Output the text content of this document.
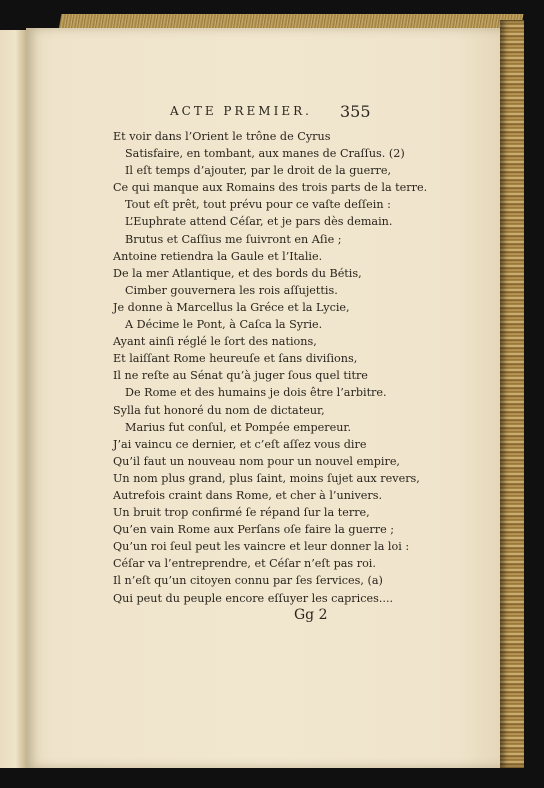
ACTE PREMIER. 355
Et voir dans l’Orient le trône de Cyrus
Satisfaire, en tombant, aux manes de Craſſus. (2)
Il eſt temps d’ajouter, par le droit de la guerre,
Ce qui manque aux Romains des trois parts de la terre.
Tout eſt prêt, tout prévu pour ce vaſte deſſein :
L’Euphrate attend Céſar, et je pars dès demain.
Brutus et Caſſius me ſuivront en Aſie ;
Antoine retiendra la Gaule et l’Italie.
De la mer Atlantique, et des bords du Bétis,
Cimber gouvernera les rois aſſujettis.
Je donne à Marcellus la Gréce et la Lycie,
A Décime le Pont, à Caſca la Syrie.
Ayant ainſi réglé le ſort des nations,
Et laiſſant Rome heureuſe et ſans diviſions,
Il ne reſte au Sénat qu’à juger ſous quel titre
De Rome et des humains je dois être l’arbitre.
Sylla fut honoré du nom de dictateur,
Marius fut conſul, et Pompée empereur.
J’ai vaincu ce dernier, et c’eſt aſſez vous dire
Qu’il faut un nouveau nom pour un nouvel empire,
Un nom plus grand, plus ſaint, moins ſujet aux revers,
Autrefois craint dans Rome, et cher à l’univers.
Un bruit trop confirmé ſe répand ſur la terre,
Qu’en vain Rome aux Perſans oſe faire la guerre ;
Qu’un roi ſeul peut les vaincre et leur donner la loi :
Céſar va l’entreprendre, et Céſar n’eſt pas roi.
Il n’eſt qu’un citoyen connu par ſes ſervices, (a)
Qui peut du peuple encore eſſuyer les caprices....
Gg 2
